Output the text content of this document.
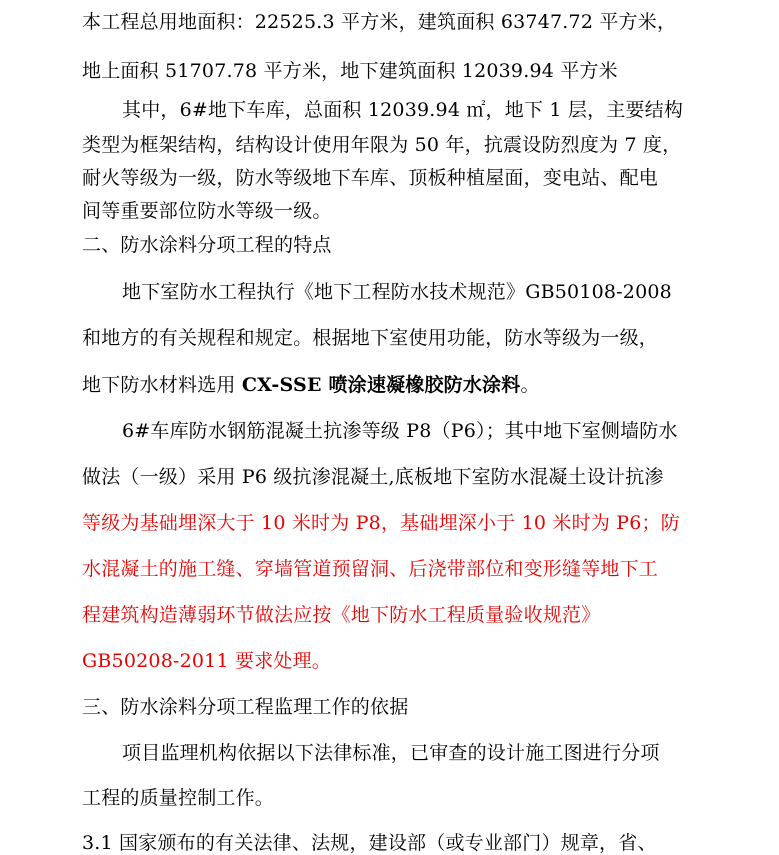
本工程总用地面积：22525.3 平方米，建筑面积 63747.72 平方米，
地上面积 51707.78 平方米，地下建筑面积 12039.94 平方米
其中，6#地下车库，总面积 12039.94 ㎡，地下 1 层，主要结构
类型为框架结构，结构设计使用年限为 50 年，抗震设防烈度为 7 度，
耐火等级为一级，防水等级地下车库、顶板种植屋面，变电站、配电
间等重要部位防水等级一级。
二、防水涂料分项工程的特点
地下室防水工程执行《地下工程防水技术规范》GB50108-2008
和地方的有关规程和规定。根据地下室使用功能，防水等级为一级，
地下防水材料选用 CX-SSE 喷涂速凝橡胶防水涂料。
6#车库防水钢筋混凝土抗渗等级 P8（P6）；其中地下室侧墙防水
做法（一级）采用 P6 级抗渗混凝土,底板地下室防水混凝土设计抗渗
等级为基础埋深大于 10 米时为 P8，基础埋深小于 10 米时为 P6；防
水混凝土的施工缝、穿墙管道预留洞、后浇带部位和变形缝等地下工
程建筑构造薄弱环节做法应按《地下防水工程质量验收规范》
GB50208-2011 要求处理。
三、防水涂料分项工程监理工作的依据
项目监理机构依据以下法律标准，已审查的设计施工图进行分项
工程的质量控制工作。
3.1 国家颁布的有关法律、法规，建设部（或专业部门）规章，省、
